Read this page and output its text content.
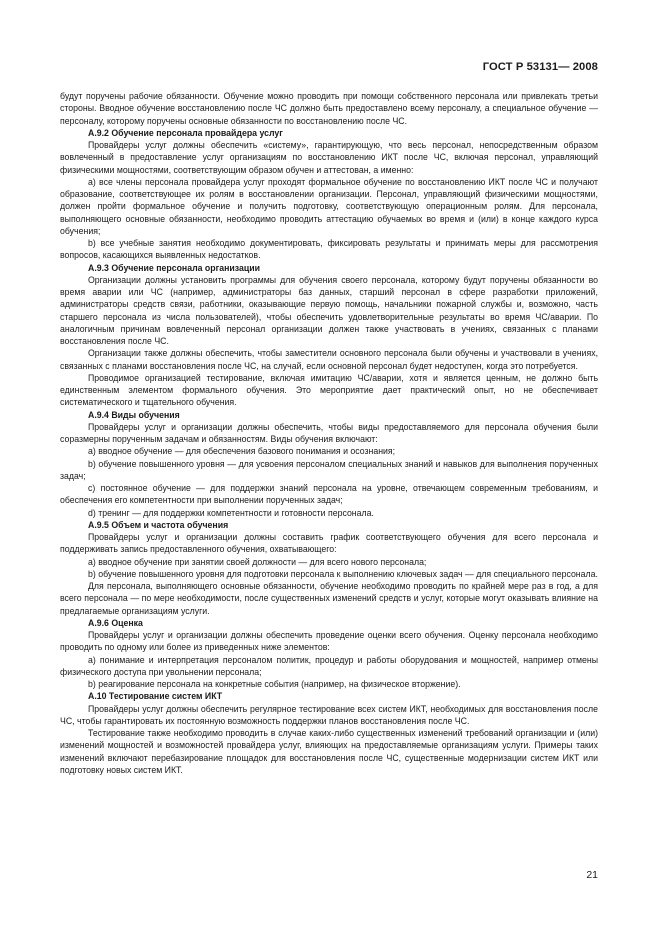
ГОСТ Р 53131— 2008

будут поручены рабочие обязанности. Обучение можно проводить при помощи собственного персонала или привлекать третьи стороны. Вводное обучение восстановлению после ЧС должно быть предоставлено всему персоналу, а специальное обучение — персоналу, которому поручены основные обязанности по восстановлению после ЧС.

А.9.2 Обучение персонала провайдера услуг

Провайдеры услуг должны обеспечить «систему», гарантирующую, что весь персонал, непосредственным образом вовлеченный в предоставление услуг организациям по восстановлению ИКТ после ЧС, включая персонал, управляющий физическими мощностями, соответствующим образом обучен и аттестован, а именно:

a) все члены персонала провайдера услуг проходят формальное обучение по восстановлению ИКТ после ЧС и получают образование, соответствующее их ролям в восстановлении организации. Персонал, управляющий физическими мощностями, должен пройти формальное обучение и получить подготовку, соответствующую операционным ролям. Для персонала, выполняющего основные обязанности, необходимо проводить аттестацию обучаемых во время и (или) в конце каждого курса обучения;

b) все учебные занятия необходимо документировать, фиксировать результаты и принимать меры для рассмотрения вопросов, касающихся выявленных недостатков.

А.9.3 Обучение персонала организации

Организации должны установить программы для обучения своего персонала, которому будут поручены обязанности во время аварии или ЧС (например, администраторы баз данных, старший персонал в сфере разработки приложений, администраторы средств связи, работники, оказывающие первую помощь, начальники пожарной службы и, возможно, часть старшего персонала из числа пользователей), чтобы обеспечить удовлетворительные результаты во время ЧС/аварии. По аналогичным причинам вовлеченный персонал организации должен также участвовать в учениях, связанных с планами восстановления после ЧС.

Организации также должны обеспечить, чтобы заместители основного персонала были обучены и участвовали в учениях, связанных с планами восстановления после ЧС, на случай, если основной персонал будет недоступен, когда это потребуется.

Проводимое организацией тестирование, включая имитацию ЧС/аварии, хотя и является ценным, не должно быть единственным элементом формального обучения. Это мероприятие дает практический опыт, но не обеспечивает систематического и тщательного обучения.

А.9.4 Виды обучения

Провайдеры услуг и организации должны обеспечить, чтобы виды предоставляемого для персонала обучения были соразмерны порученным задачам и обязанностям. Виды обучения включают:

a) вводное обучение — для обеспечения базового понимания и осознания;

b) обучение повышенного уровня — для усвоения персоналом специальных знаний и навыков для выполнения порученных задач;

c) постоянное обучение — для поддержки знаний персонала на уровне, отвечающем современным требованиям, и обеспечения его компетентности при выполнении порученных задач;

d) тренинг — для поддержки компетентности и готовности персонала.

А.9.5 Объем и частота обучения

Провайдеры услуг и организации должны составить график соответствующего обучения для всего персонала и поддерживать запись предоставленного обучения, охватывающего:

a) вводное обучение при занятии своей должности — для всего нового персонала;

b) обучение повышенного уровня для подготовки персонала к выполнению ключевых задач — для специального персонала.

Для персонала, выполняющего основные обязанности, обучение необходимо проводить по крайней мере раз в год, а для всего персонала — по мере необходимости, после существенных изменений средств и услуг, которые могут оказывать влияние на предлагаемые организациям услуги.

А.9.6 Оценка

Провайдеры услуг и организации должны обеспечить проведение оценки всего обучения. Оценку персонала необходимо проводить по одному или более из приведенных ниже элементов:

a) понимание и интерпретация персоналом политик, процедур и работы оборудования и мощностей, например отмены физического доступа при увольнении персонала;

b) реагирование персонала на конкретные события (например, на физическое вторжение).

А.10 Тестирование систем ИКТ

Провайдеры услуг должны обеспечить регулярное тестирование всех систем ИКТ, необходимых для восстановления после ЧС, чтобы гарантировать их постоянную возможность поддержки планов восстановления после ЧС.

Тестирование также необходимо проводить в случае каких-либо существенных изменений требований организации и (или) изменений мощностей и возможностей провайдера услуг, влияющих на предоставляемые организациям услуги. Примеры таких изменений включают перебазирование площадок для восстановления после ЧС, существенные модернизации систем ИКТ или подготовку новых систем ИКТ.

21
